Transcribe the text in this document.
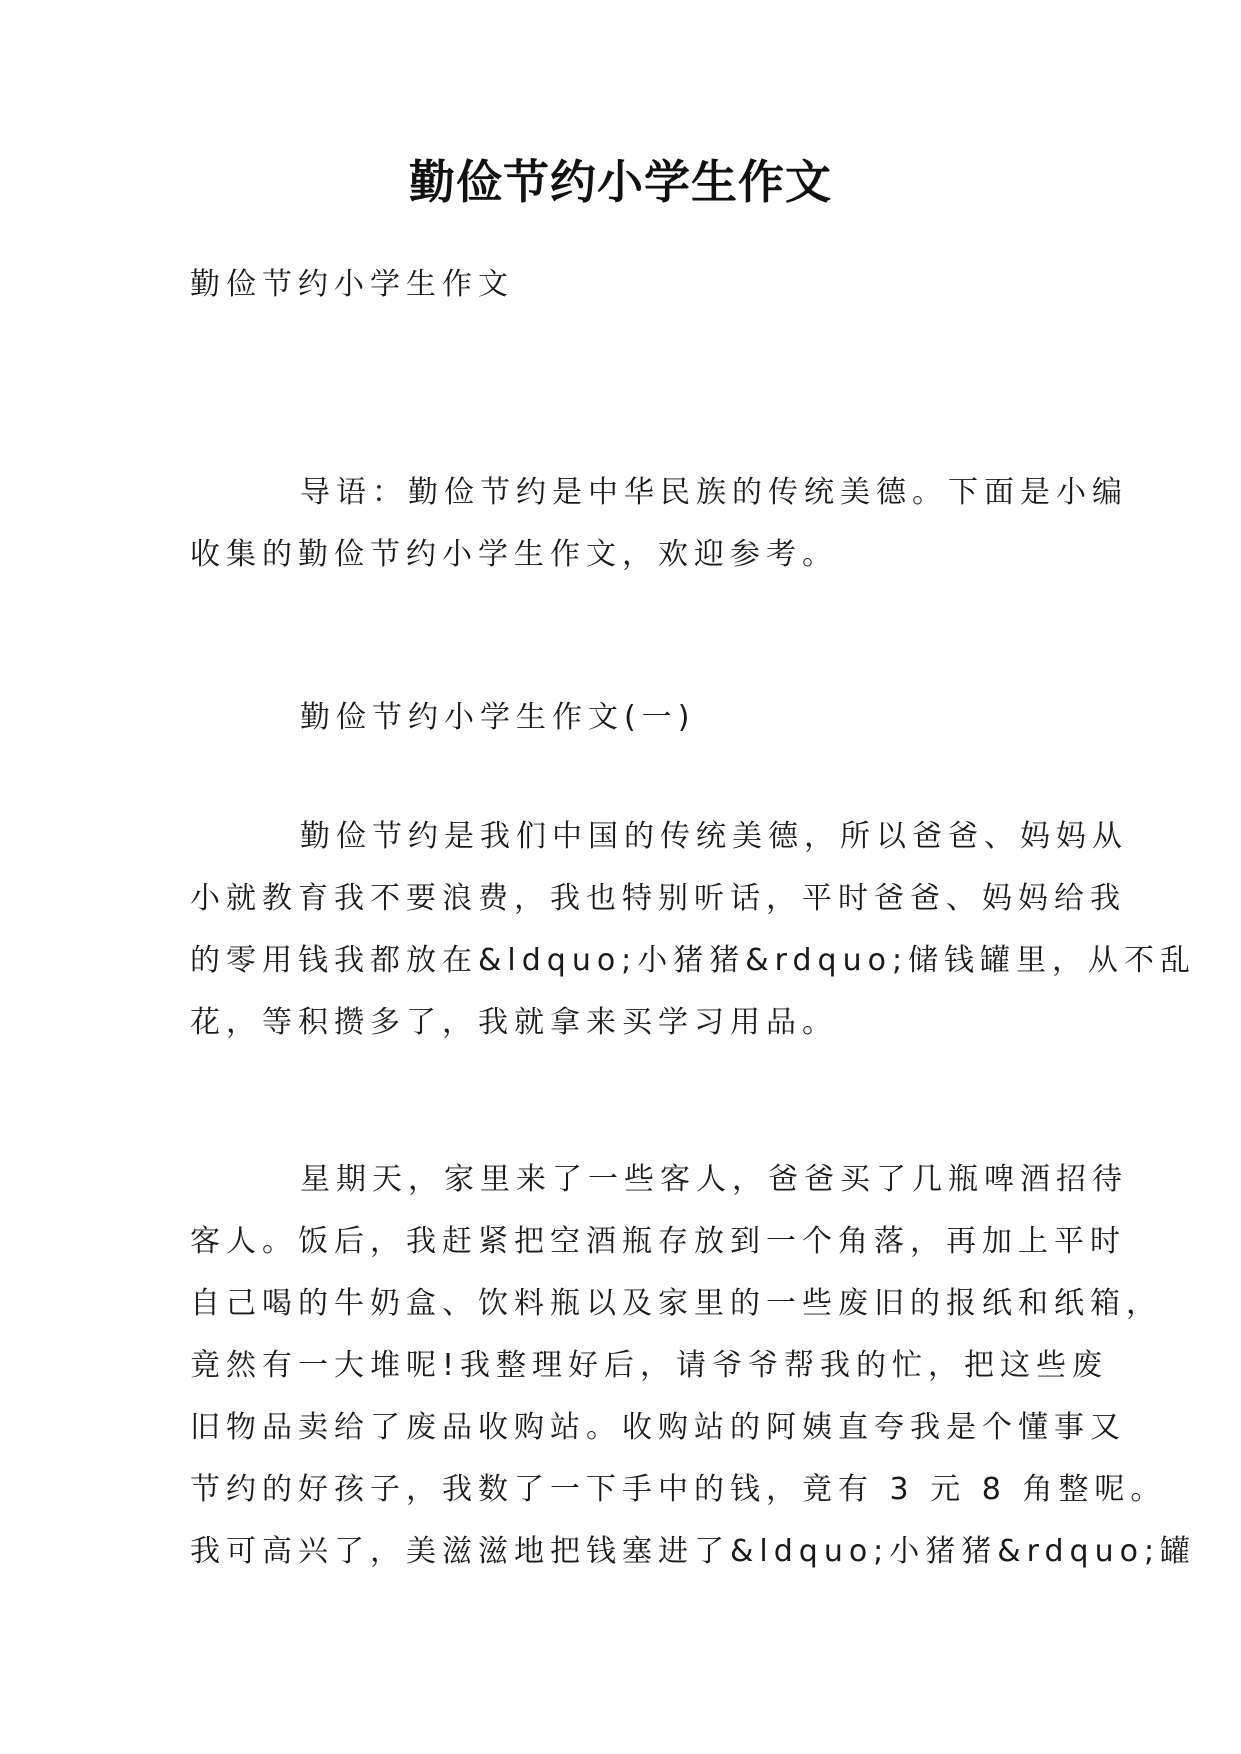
勤俭节约小学生作文
勤俭节约小学生作文
导语：勤俭节约是中华民族的传统美德。下面是小编
收集的勤俭节约小学生作文，欢迎参考。
勤俭节约小学生作文(一)
勤俭节约是我们中国的传统美德，所以爸爸、妈妈从
小就教育我不要浪费，我也特别听话，平时爸爸、妈妈给我
的零用钱我都放在&ldquo;小猪猪&rdquo;储钱罐里，从不乱
花，等积攒多了，我就拿来买学习用品。
星期天，家里来了一些客人，爸爸买了几瓶啤酒招待
客人。饭后，我赶紧把空酒瓶存放到一个角落，再加上平时
自己喝的牛奶盒、饮料瓶以及家里的一些废旧的报纸和纸箱，
竟然有一大堆呢!我整理好后，请爷爷帮我的忙，把这些废
旧物品卖给了废品收购站。收购站的阿姨直夸我是个懂事又
节约的好孩子，我数了一下手中的钱，竟有 3 元 8 角整呢。
我可高兴了，美滋滋地把钱塞进了&ldquo;小猪猪&rdquo;罐
